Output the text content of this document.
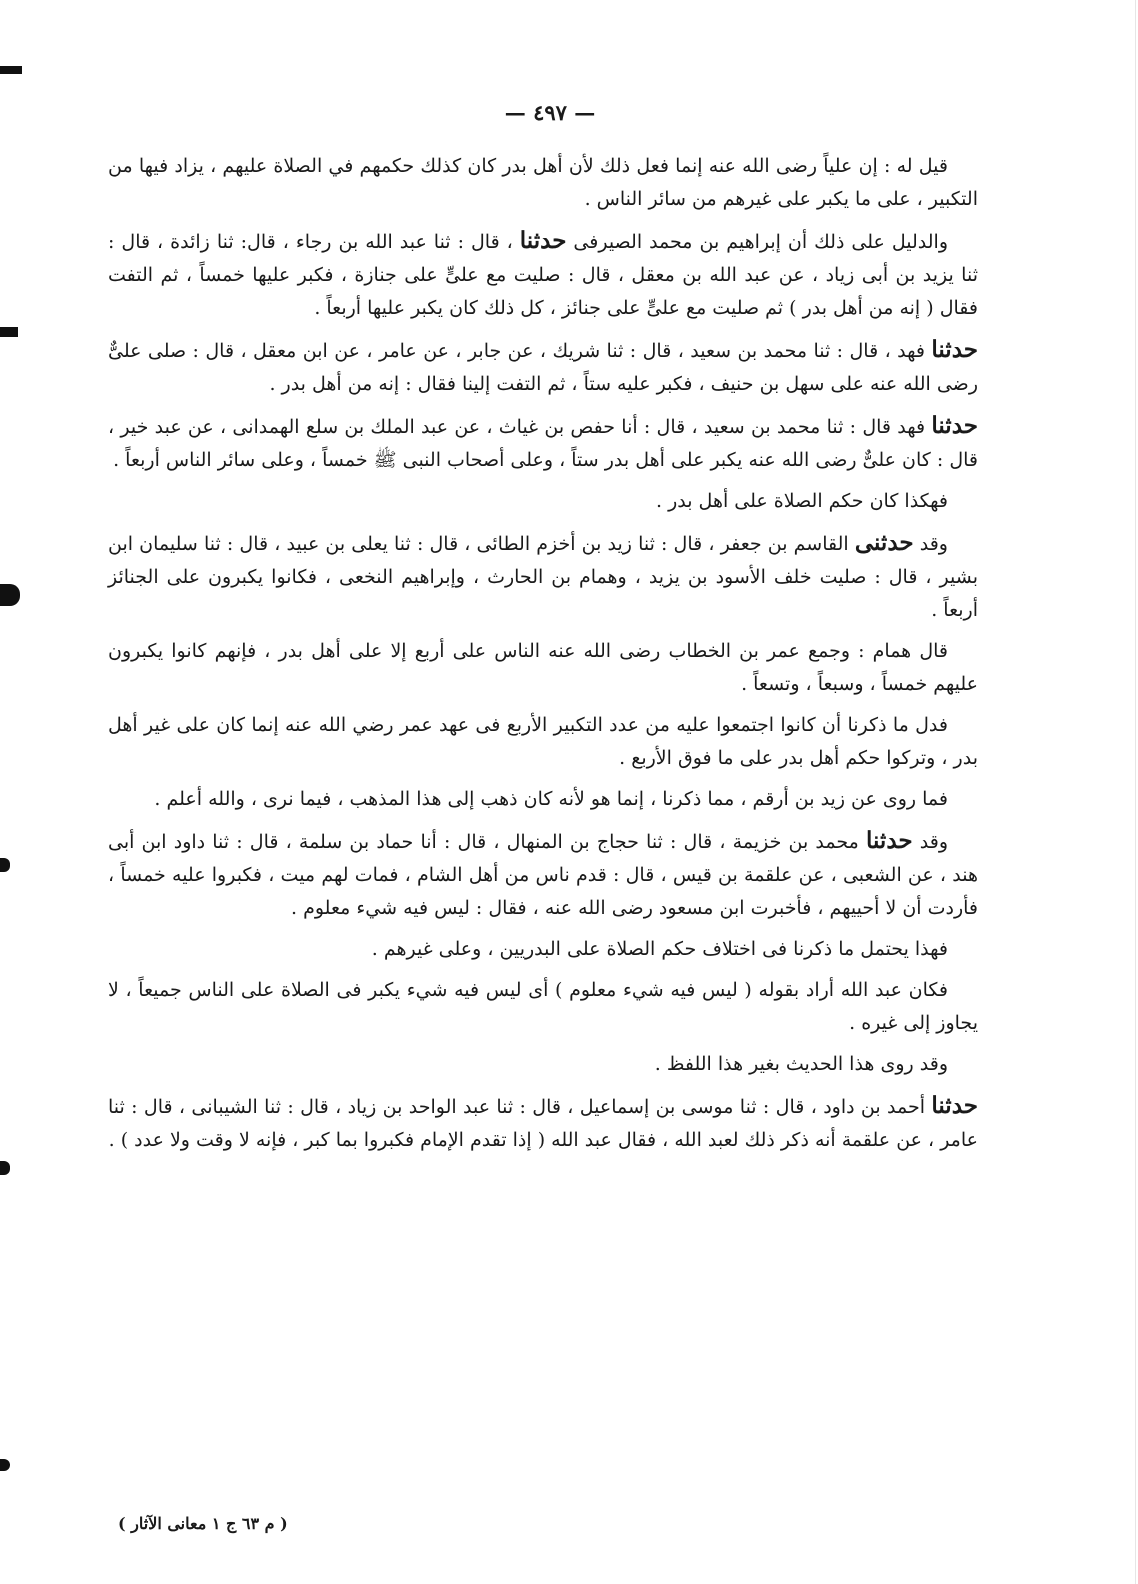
— ٤٩٧ —

قيل له : إن علياً رضى الله عنه إنما فعل ذلك لأن أهل بدر كان كذلك حكمهم في الصلاة عليهم ، يزاد فيها من التكبير ، على ما يكبر على غيرهم من سائر الناس .

والدليل على ذلك أن إبراهيم بن محمد الصيرفى حدثنا ، قال : ثنا عبد الله بن رجاء ، قال: ثنا زائدة ، قال : ثنا يزيد بن أبى زياد ، عن عبد الله بن معقل ، قال : صليت مع علىٍّ على جنازة ، فكبر عليها خمساً ، ثم التفت فقال ( إنه من أهل بدر ) ثم صليت مع علىٍّ على جنائز ، كل ذلك كان يكبر عليها أربعاً .

حدثنا فهد ، قال : ثنا محمد بن سعيد ، قال : ثنا شريك ، عن جابر ، عن عامر ، عن ابن معقل ، قال : صلى علىٌّ رضى الله عنه على سهل بن حنيف ، فكبر عليه ستاً ، ثم التفت إلينا فقال : إنه من أهل بدر .

حدثنا فهد قال : ثنا محمد بن سعيد ، قال : أنا حفص بن غياث ، عن عبد الملك بن سلع الهمدانى ، عن عبد خير ، قال : كان علىٌّ رضى الله عنه يكبر على أهل بدر ستاً ، وعلى أصحاب النبى ﷺ خمساً ، وعلى سائر الناس أربعاً .

فهكذا كان حكم الصلاة على أهل بدر .

وقد حدثنى القاسم بن جعفر ، قال : ثنا زيد بن أخزم الطائى ، قال : ثنا يعلى بن عبيد ، قال : ثنا سليمان ابن بشير ، قال : صليت خلف الأسود بن يزيد ، وهمام بن الحارث ، وإبراهيم النخعى ، فكانوا يكبرون على الجنائز أربعاً .

قال همام : وجمع عمر بن الخطاب رضى الله عنه الناس على أربع إلا على أهل بدر ، فإنهم كانوا يكبرون عليهم خمساً ، وسبعاً ، وتسعاً .

فدل ما ذكرنا أن كانوا اجتمعوا عليه من عدد التكبير الأربع فى عهد عمر رضي الله عنه إنما كان على غير أهل بدر ، وتركوا حكم أهل بدر على ما فوق الأربع .

فما روى عن زيد بن أرقم ، مما ذكرنا ، إنما هو لأنه كان ذهب إلى هذا المذهب ، فيما نرى ، والله أعلم .

وقد حدثنا محمد بن خزيمة ، قال : ثنا حجاج بن المنهال ، قال : أنا حماد بن سلمة ، قال : ثنا داود ابن أبى هند ، عن الشعبى ، عن علقمة بن قيس ، قال : قدم ناس من أهل الشام ، فمات لهم ميت ، فكبروا عليه خمساً ، فأردت أن لا أحييهم ، فأخبرت ابن مسعود رضى الله عنه ، فقال : ليس فيه شيء معلوم .

فهذا يحتمل ما ذكرنا فى اختلاف حكم الصلاة على البدريين ، وعلى غيرهم .

فكان عبد الله أراد بقوله ( ليس فيه شيء معلوم ) أى ليس فيه شيء يكبر فى الصلاة على الناس جميعاً ، لا يجاوز إلى غيره .

وقد روى هذا الحديث بغير هذا اللفظ .

حدثنا أحمد بن داود ، قال : ثنا موسى بن إسماعيل ، قال : ثنا عبد الواحد بن زياد ، قال : ثنا الشيبانى ، قال : ثنا عامر ، عن علقمة أنه ذكر ذلك لعبد الله ، فقال عبد الله ( إذا تقدم الإمام فكبروا بما كبر ، فإنه لا وقت ولا عدد ) .

( م ٦٣ ج ١ معانى الآثار )
